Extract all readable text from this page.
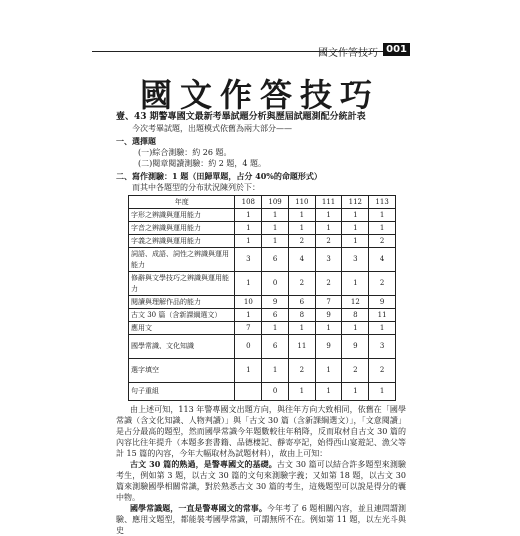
國文作答技巧 001
國文作答技巧

壹、43 期警專國文最新考畢試題分析與歷屆試題測配分統計表

今次考畢試題，出題模式依舊為兩大部分——

一、選擇題

(一)綜合測驗：約 26 題。

(二)閱章閱讀測驗：約 2 題，4 題。

二、寫作測驗：1 題（田歸單題，占分 40%的命題形式）

而其中各題型的分布狀況陳列於下：

年度	108	109	110	111	112	113
字形之辨識與運用能力	1	1	1	1	1	1
字音之辨識與運用能力	1	1	1	1	1	1
字義之辨識與運用能力	1	1	2	2	1	2
詞語、成語、詞性之辨識與運用能力	3	6	4	3	3	4
修辭與文學技巧之辨識與運用能力	1	0	2	2	1	2
閱讀與理解作品的能力	10	9	6	7	12	9
古文 30 篇（含新課綱選文）	1	6	8	9	8	11
應用文	7	1	1	1	1	1
國學常識、文化知識	0	6	11	9	9	3
選字填空	1	1	2	1	2	2
句子重組		0	1	1	1	1

由上述可知，113 年警專國文出題方向，與往年方向大致相同，依舊在「國學常識（含文化知識、人物判讀）」與「古文 30 篇（含新課綱選文）」，「文意閱讀」是占分最高的題型，然而國學常識今年題數較往年稍降，反而取材自古文 30 篇的內容比往年提升（本題多套書籍、品德棲記、靜寄亭記，始得西山宴遊記、漁父等計 15 篇的內容，今年大幅取材為試題材料），故由上可知：

古文 30 篇的熟過，是警專國文的基礎。古文 30 篇可以結合許多題型來測驗考生，例如第 3 題，以古文 30 篇的文句來測驗字義；又如第 18 題，以古文 30 篇來測驗國學相關常識，對於熟悉古文 30 篇的考生，這幾題型可以說是得分的囊中物。

國學常識題，一直是警專國文的常事。今年考了 6 題相關內容，並且連問謂測驗、應用文題型，都能裝考國學常識，可謂無所不在。例如第 11 題，以左光斗與史
